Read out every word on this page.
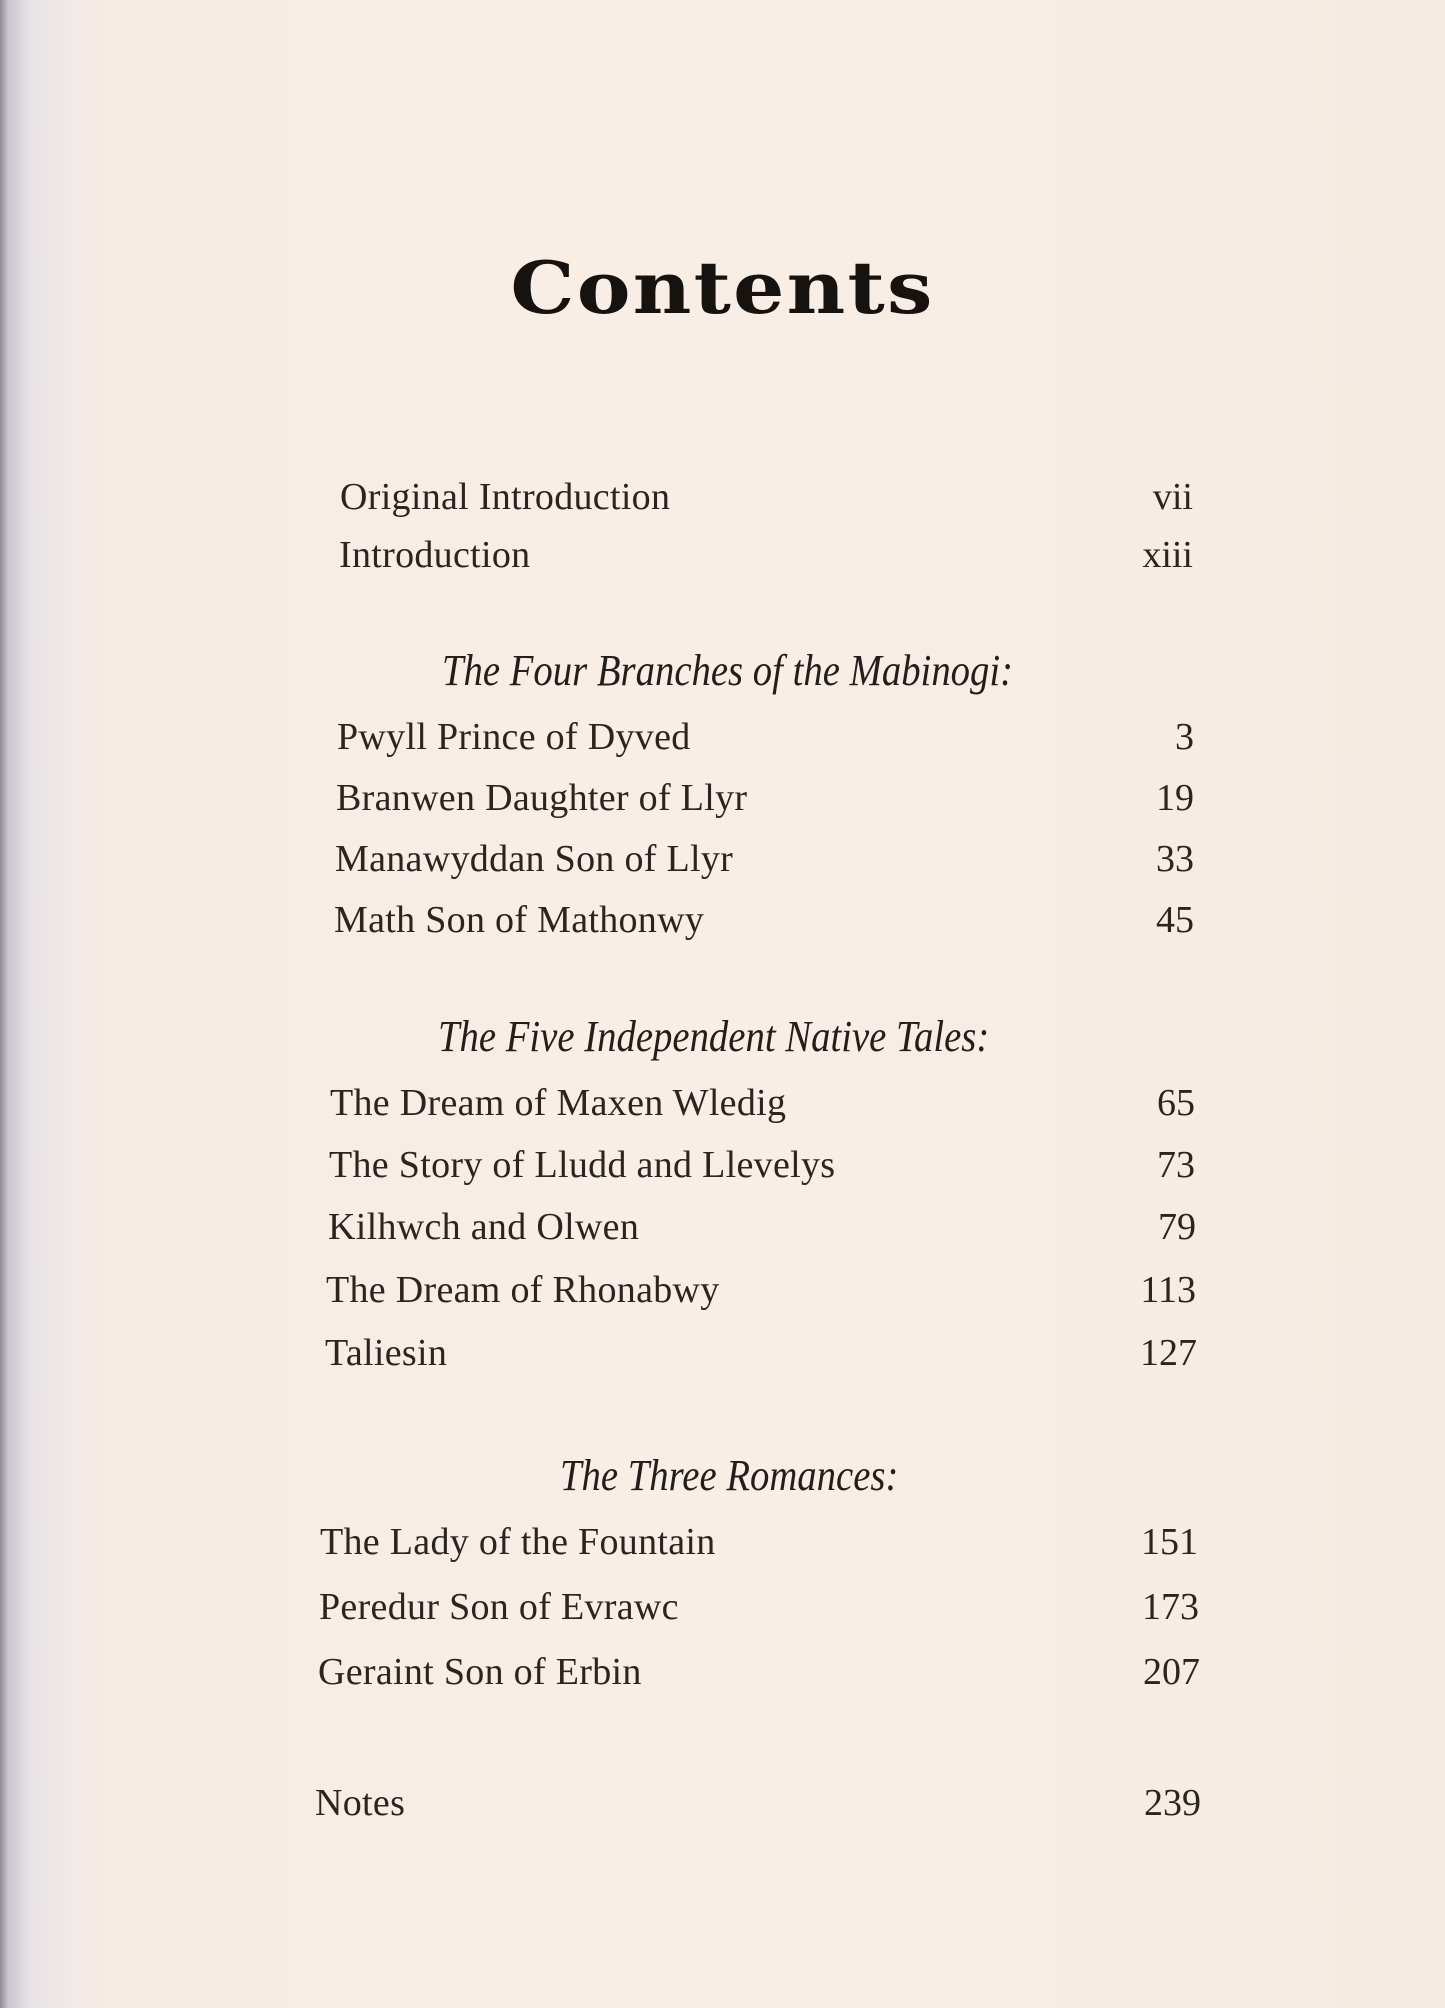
Contents
Original Introduction	vii
Introduction	xiii
The Four Branches of the Mabinogi:
Pwyll Prince of Dyved	3
Branwen Daughter of Llyr	19
Manawyddan Son of Llyr	33
Math Son of Mathonwy	45
The Five Independent Native Tales:
The Dream of Maxen Wledig	65
The Story of Lludd and Llevelys	73
Kilhwch and Olwen	79
The Dream of Rhonabwy	113
Taliesin	127
The Three Romances:
The Lady of the Fountain	151
Peredur Son of Evrawc	173
Geraint Son of Erbin	207
Notes	239
